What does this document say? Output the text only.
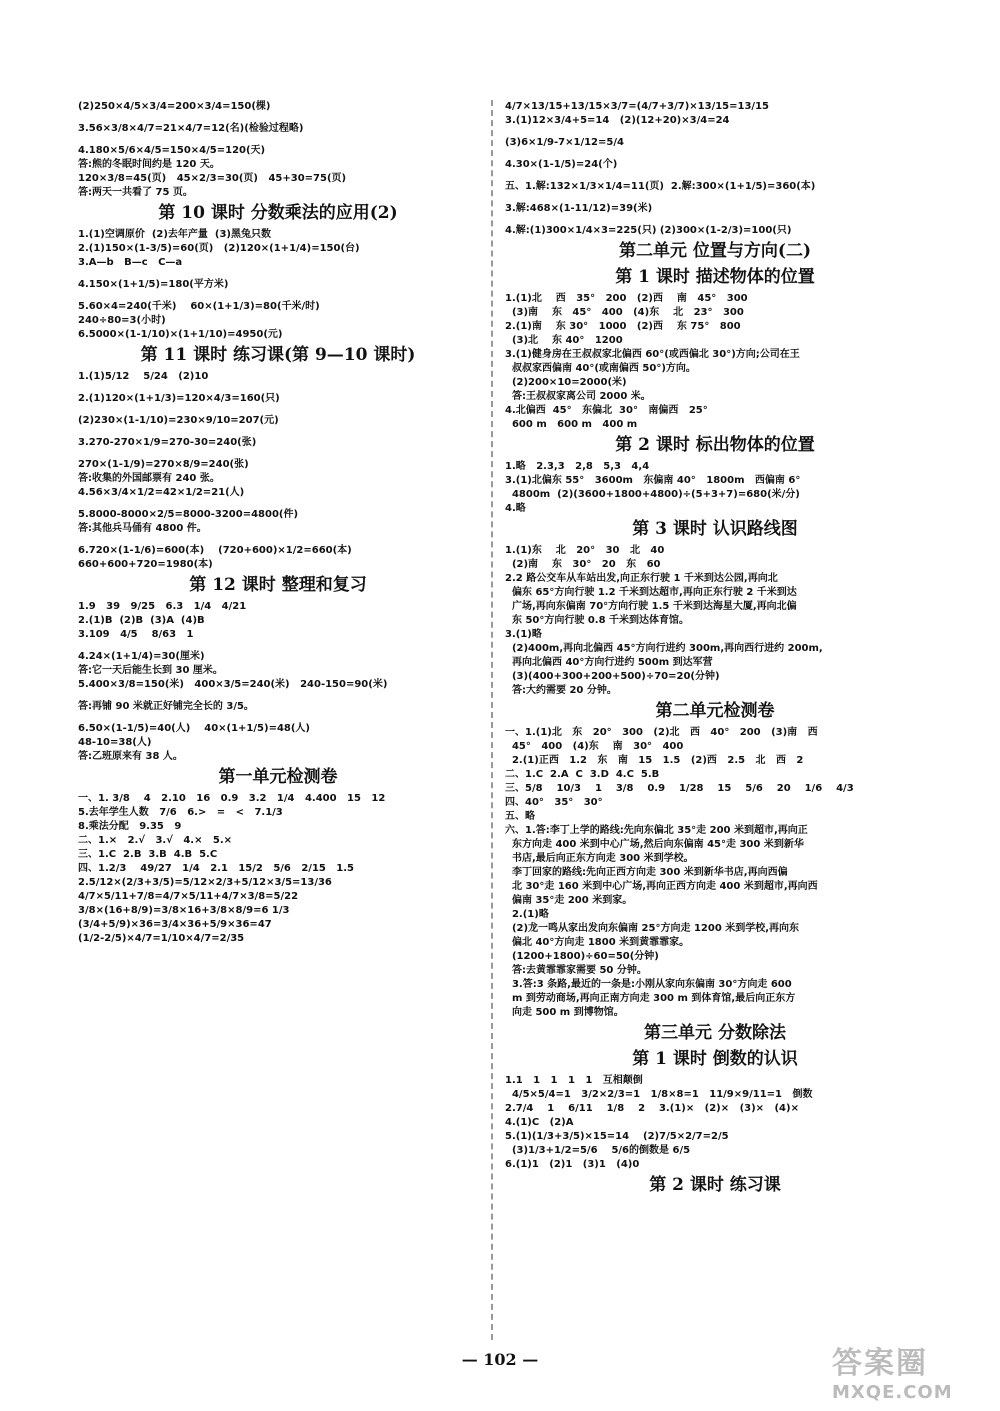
(2)250×4/5×3/4=200×3/4=150(棵)
3.56×3/8×4/7=21×4/7=12(名)(检验过程略)
4.180×5/6×4/5=150×4/5=120(天)
答:熊的冬眠时间约是 120 天。
120×3/8=45(页)   45×2/3=30(页)   45+30=75(页)
答:两天一共看了 75 页。
第 10 课时 分数乘法的应用(2)
1.(1)空调原价  (2)去年产量  (3)黑兔只数
2.(1)150×(1-3/5)=60(页)   (2)120×(1+1/4)=150(台)
3.A—b   B—c   C—a
4.150×(1+1/5)=180(平方米)
5.60×4=240(千米)    60×(1+1/3)=80(千米/时)
240÷80=3(小时)
6.5000×(1-1/10)×(1+1/10)=4950(元)
第 11 课时 练习课(第 9—10 课时)
1.(1)5/12    5/24   (2)10
2.(1)120×(1+1/3)=120×4/3=160(只)
(2)230×(1-1/10)=230×9/10=207(元)
3.270-270×1/9=270-30=240(张)
270×(1-1/9)=270×8/9=240(张)
答:收集的外国邮票有 240 张。
4.56×3/4×1/2=42×1/2=21(人)
5.8000-8000×2/5=8000-3200=4800(件)
答:其他兵马俑有 4800 件。
6.720×(1-1/6)=600(本)    (720+600)×1/2=660(本)
660+600+720=1980(本)
第 12 课时 整理和复习
1.9   39   9/25   6.3   1/4   4/21
2.(1)B  (2)B  (3)A  (4)B
3.109   4/5    8/63   1
4.24×(1+1/4)=30(厘米)
答:它一天后能生长到 30 厘米。
5.400×3/8=150(米)   400×3/5=240(米)   240-150=90(米)
答:再铺 90 米就正好铺完全长的 3/5。
6.50×(1-1/5)=40(人)    40×(1+1/5)=48(人)
48-10=38(人)
答:乙班原来有 38 人。
第一单元检测卷
一、1. 3/8    4   2.10   16   0.9   3.2   1/4   4.400   15   12
5.去年学生人数   7/6   6.>   =   <   7.1/3
8.乘法分配   9.35   9
二、1.×   2.√   3.√   4.×   5.×
三、1.C  2.B  3.B  4.B  5.C
四、1.2/3    49/27   1/4   2.1   15/2   5/6   2/15   1.5
2.5/12×(2/3+3/5)=5/12×2/3+5/12×3/5=13/36
4/7×5/11+7/8=4/7×5/11+4/7×3/8=5/22
3/8×(16+8/9)=3/8×16+3/8×8/9=6 1/3
(3/4+5/9)×36=3/4×36+5/9×36=47
(1/2-2/5)×4/7=1/10×4/7=2/35
4/7×13/15+13/15×3/7=(4/7+3/7)×13/15=13/15
3.(1)12×3/4+5=14   (2)(12+20)×3/4=24
(3)6×1/9-7×1/12=5/4
4.30×(1-1/5)=24(个)
五、1.解:132×1/3×1/4=11(页)  2.解:300×(1+1/5)=360(本)
3.解:468×(1-11/12)=39(米)
4.解:(1)300×1/4×3=225(只) (2)300×(1-2/3)=100(只)
第二单元 位置与方向(二)
第 1 课时 描述物体的位置
1.(1)北    西   35°   200   (2)西    南   45°   300
(3)南    东   45°   400   (4)东    北   23°   300
2.(1)南    东 30°   1000   (2)西    东 75°   800
(3)北    东 40°   1200
3.(1)健身房在王叔叔家北偏西 60°(或西偏北 30°)方向;公司在王
叔叔家西偏南 40°(或南偏西 50°)方向。
(2)200×10=2000(米)
答:王叔叔家离公司 2000 米。
4.北偏西  45°   东偏北  30°   南偏西   25°
600 m   600 m   400 m
第 2 课时 标出物体的位置
1.略   2.3,3   2,8   5,3   4,4
3.(1)北偏东 55°   3600m   东偏南 40°   1800m   西偏南 6°
4800m  (2)(3600+1800+4800)÷(5+3+7)=680(米/分)
4.略
第 3 课时 认识路线图
1.(1)东    北   20°   30   北   40
(2)南    东   30°   20   东   60
2.2 路公交车从车站出发,向正东行驶 1 千米到达公园,再向北
偏东 65°方向行驶 1.2 千米到达超市,再向正东行驶 2 千米到达
广场,再向东偏南 70°方向行驶 1.5 千米到达海星大厦,再向北偏
东 50°方向行驶 0.8 千米到达体育馆。
3.(1)略
(2)400m,再向北偏西 45°方向行进约 300m,再向西行进约 200m,
再向北偏西 40°方向行进约 500m 到达军营
(3)(400+300+200+500)÷70=20(分钟)
答:大约需要 20 分钟。
第二单元检测卷
一、1.(1)北   东   20°   300   (2)北   西   40°   200   (3)南   西
45°   400   (4)东    南   30°   400
2.(1)正西   1.2   东   南   15   1.5   (2)西   2.5   北   西   2
二、1.C  2.A  C  3.D  4.C  5.B
三、5/8    10/3    1    3/8    0.9    1/28    15    5/6    20    1/6    4/3
四、40°   35°   30°
五、略
六、1.答:李丁上学的路线:先向东偏北 35°走 200 米到超市,再向正
东方向走 400 米到中心广场,然后向东偏南 45°走 300 米到新华
书店,最后向正东方向走 300 米到学校。
李丁回家的路线:先向正西方向走 300 米到新华书店,再向西偏
北 30°走 160 米到中心广场,再向正西方向走 400 米到超市,再向西
偏南 35°走 200 米到家。
2.(1)略
(2)龙一鸣从家出发向东偏南 25°方向走 1200 米到学校,再向东
偏北 40°方向走 1800 米到黄霏霏家。
(1200+1800)÷60=50(分钟)
答:去黄霏霏家需要 50 分钟。
3.答:3 条路,最近的一条是:小刚从家向东偏南 30°方向走 600
m 到劳动商场,再向正南方向走 300 m 到体育馆,最后向正东方
向走 500 m 到博物馆。
第三单元 分数除法
第 1 课时 倒数的认识
1.1   1   1   1   1   互相颠倒
4/5×5/4=1   3/2×2/3=1   1/8×8=1   11/9×9/11=1   倒数
2.7/4    1    6/11    1/8    2    3.(1)×   (2)×   (3)×   (4)×
4.(1)C   (2)A
5.(1)(1/3+3/5)×15=14    (2)7/5×2/7=2/5
(3)1/3+1/2=5/6    5/6的倒数是 6/5
6.(1)1   (2)1   (3)1   (4)0
第 2 课时 练习课
— 102 —	答案圈
MXQE.COM
